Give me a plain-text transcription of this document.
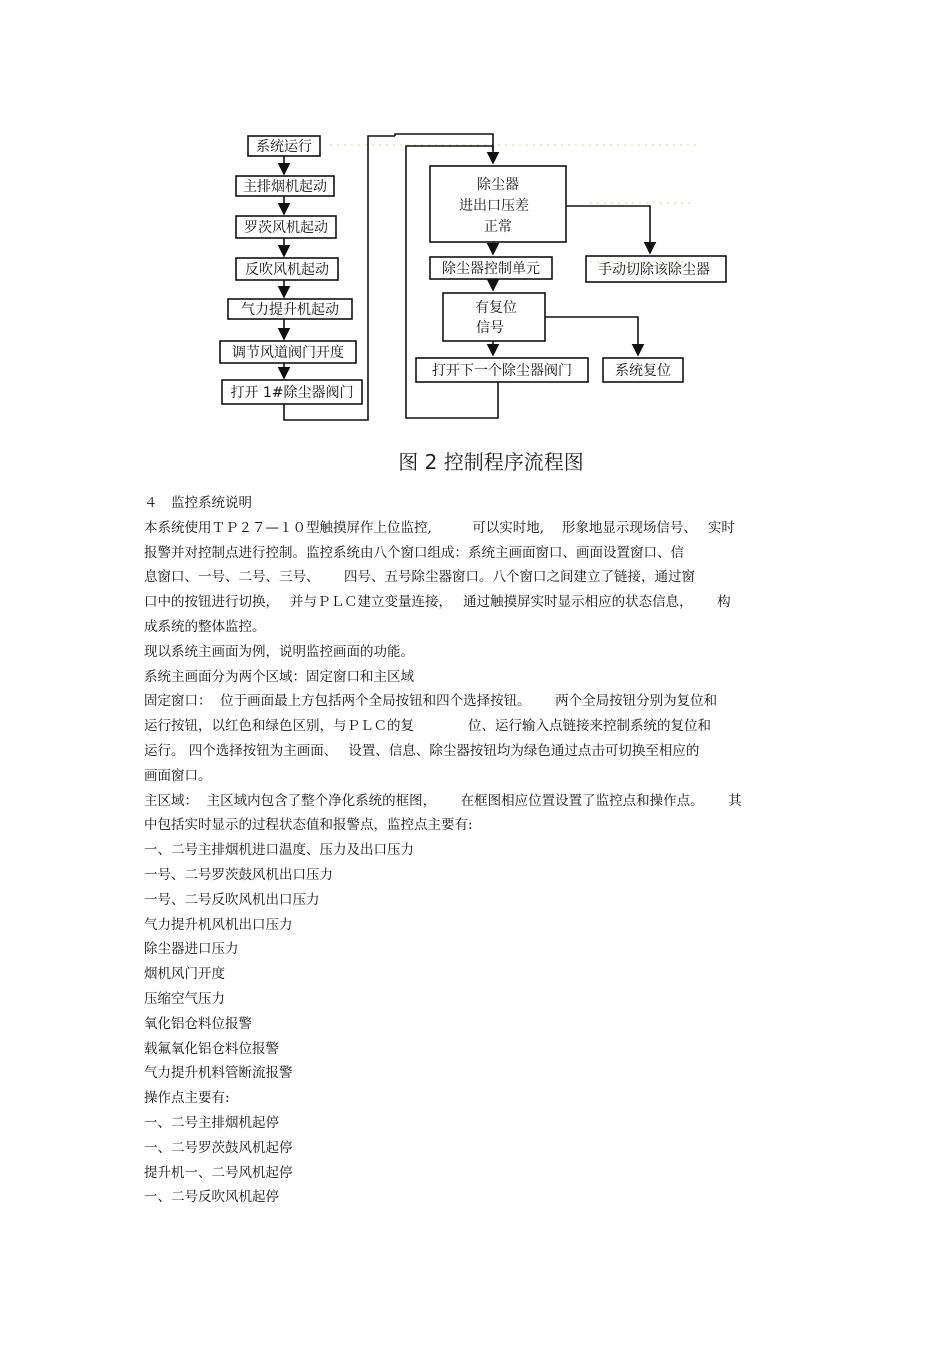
系统运行
主排烟机起动
罗茨风机起动
反吹风机起动
气力提升机起动
调节风道阀门开度
打开 1#除尘器阀门
除尘器
进出口压差
正常
手动切除该除尘器
除尘器控制单元
有复位
信号
系统复位
打开下一个除尘器阀门
图 2 控制程序流程图
４　监控系统说明
本系统使用ＴＰ２７—１０型触摸屏作上位监控,　　　可以实时地,　 形象地显示现场信号、　 实时
报警并对控制点进行控制。监控系统由八个窗口组成：系统主画面窗口、画面设置窗口、信
息窗口、一号、二号、三号、　　 四号、五号除尘器窗口。八个窗口之间建立了链接，通过窗
口中的按钮进行切换，　 并与ＰＬＣ建立变量连接，　 通过触摸屏实时显示相应的状态信息，　　 构
成系统的整体监控。
现以系统主画面为例，说明监控画面的功能。
系统主画面分为两个区域：固定窗口和主区域
固定窗口：  位于画面最上方包括两个全局按钮和四个选择按钮。　　 两个全局按钮分别为复位和
运行按钮，以红色和绿色区别，与ＰＬＣ的复　　　　位、运行输入点链接来控制系统的复位和
运行。 四个选择按钮为主画面、　 设置、信息、除尘器按钮均为绿色通过点击可切换至相应的
画面窗口。
主区域：  主区域内包含了整个净化系统的框图，　　 在框图相应位置设置了监控点和操作点。　　 其
中包括实时显示的过程状态值和报警点，监控点主要有:
一、二号主排烟机进口温度、压力及出口压力
一号、二号罗茨鼓风机出口压力
一号、二号反吹风机出口压力
气力提升机风机出口压力
除尘器进口压力
烟机风门开度
压缩空气压力
氧化铝仓料位报警
载氟氧化铝仓料位报警
气力提升机料管断流报警
操作点主要有:
一、二号主排烟机起停
一、二号罗茨鼓风机起停
提升机一、二号风机起停
一、二号反吹风机起停
